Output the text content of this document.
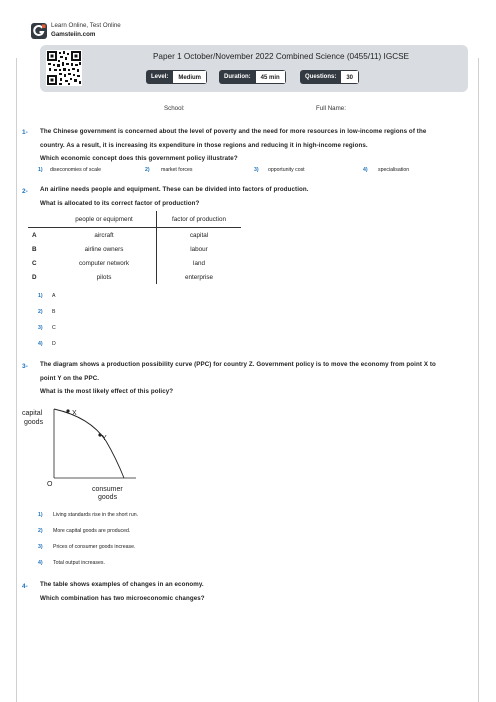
Learn Online, Test Online
Gamsteiin.com
Paper 1 October/November 2022 Combined Science (0455/11) IGCSE
Level:	Medium	Duration:	45 min	Questions:	30
School:	Full Name:
1- The Chinese government is concerned about the level of poverty and the need for more resources in low-income regions of the
country. As a result, it is increasing its expenditure in those regions and reducing it in high-income regions.
Which economic concept does this government policy illustrate?
1) diseconomies of scale	2) market forces	3) opportunity cost	4) specialisation
2- An airline needs people and equipment. These can be divided into factors of production.
What is allocated to its correct factor of production?
	people or equipment	factor of production
A	aircraft	capital
B	airline owners	labour
C	computer network	land
D	pilots	enterprise
1) A
2) B
3) C
4) D
3- The diagram shows a production possibility curve (PPC) for country Z. Government policy is to move the economy from point X to
point Y on the PPC.
What is the most likely effect of this policy?
capital
goods
X
Y
O
consumer
goods
1) Living standards rise in the short run.
2) More capital goods are produced.
3) Prices of consumer goods increase.
4) Total output increases.
4- The table shows examples of changes in an economy.
Which combination has two microeconomic changes?
